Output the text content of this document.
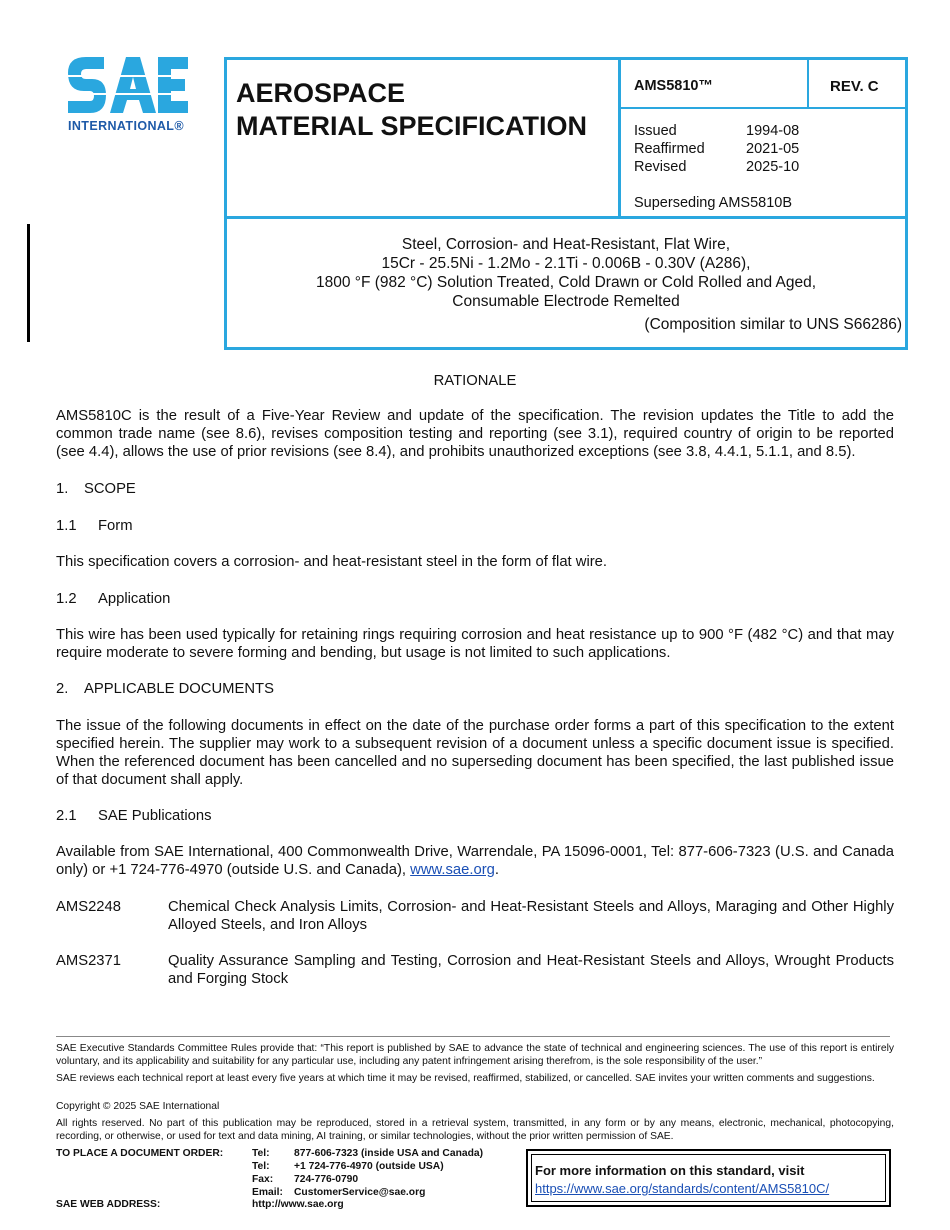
INTERNATIONAL®
AEROSPACE
MATERIAL SPECIFICATION
AMS5810™	REV. C
Issued	1994-08
Reaffirmed	2021-05
Revised	2025-10
Superseding AMS5810B
Steel, Corrosion- and Heat-Resistant, Flat Wire,
15Cr - 25.5Ni - 1.2Mo - 2.1Ti - 0.006B - 0.30V (A286),
1800 °F (982 °C) Solution Treated, Cold Drawn or Cold Rolled and Aged,
Consumable Electrode Remelted
(Composition similar to UNS S66286)
RATIONALE
AMS5810C is the result of a Five-Year Review and update of the specification. The revision updates the Title to add the common trade name (see 8.6), revises composition testing and reporting (see 3.1), required country of origin to be reported (see 4.4), allows the use of prior revisions (see 8.4), and prohibits unauthorized exceptions (see 3.8, 4.4.1, 5.1.1, and 8.5).
1. SCOPE
1.1 Form
This specification covers a corrosion- and heat-resistant steel in the form of flat wire.
1.2 Application
This wire has been used typically for retaining rings requiring corrosion and heat resistance up to 900 °F (482 °C) and that may require moderate to severe forming and bending, but usage is not limited to such applications.
2. APPLICABLE DOCUMENTS
The issue of the following documents in effect on the date of the purchase order forms a part of this specification to the extent specified herein. The supplier may work to a subsequent revision of a document unless a specific document issue is specified. When the referenced document has been cancelled and no superseding document has been specified, the last published issue of that document shall apply.
2.1 SAE Publications
Available from SAE International, 400 Commonwealth Drive, Warrendale, PA 15096-0001, Tel: 877-606-7323 (U.S. and Canada only) or +1 724-776-4970 (outside U.S. and Canada), www.sae.org.
AMS2248	Chemical Check Analysis Limits, Corrosion- and Heat-Resistant Steels and Alloys, Maraging and Other Highly Alloyed Steels, and Iron Alloys
AMS2371	Quality Assurance Sampling and Testing, Corrosion and Heat-Resistant Steels and Alloys, Wrought Products and Forging Stock
SAE Executive Standards Committee Rules provide that: “This report is published by SAE to advance the state of technical and engineering sciences. The use of this report is entirely voluntary, and its applicability and suitability for any particular use, including any patent infringement arising therefrom, is the sole responsibility of the user.”
SAE reviews each technical report at least every five years at which time it may be revised, reaffirmed, stabilized, or cancelled. SAE invites your written comments and suggestions.
Copyright © 2025 SAE International
All rights reserved. No part of this publication may be reproduced, stored in a retrieval system, transmitted, in any form or by any means, electronic, mechanical, photocopying, recording, or otherwise, or used for text and data mining, AI training, or similar technologies, without the prior written permission of SAE.
TO PLACE A DOCUMENT ORDER:	Tel: 877-606-7323 (inside USA and Canada)
Tel: +1 724-776-4970 (outside USA)
Fax: 724-776-0790
Email: CustomerService@sae.org
SAE WEB ADDRESS:	http://www.sae.org
For more information on this standard, visit
https://www.sae.org/standards/content/AMS5810C/
